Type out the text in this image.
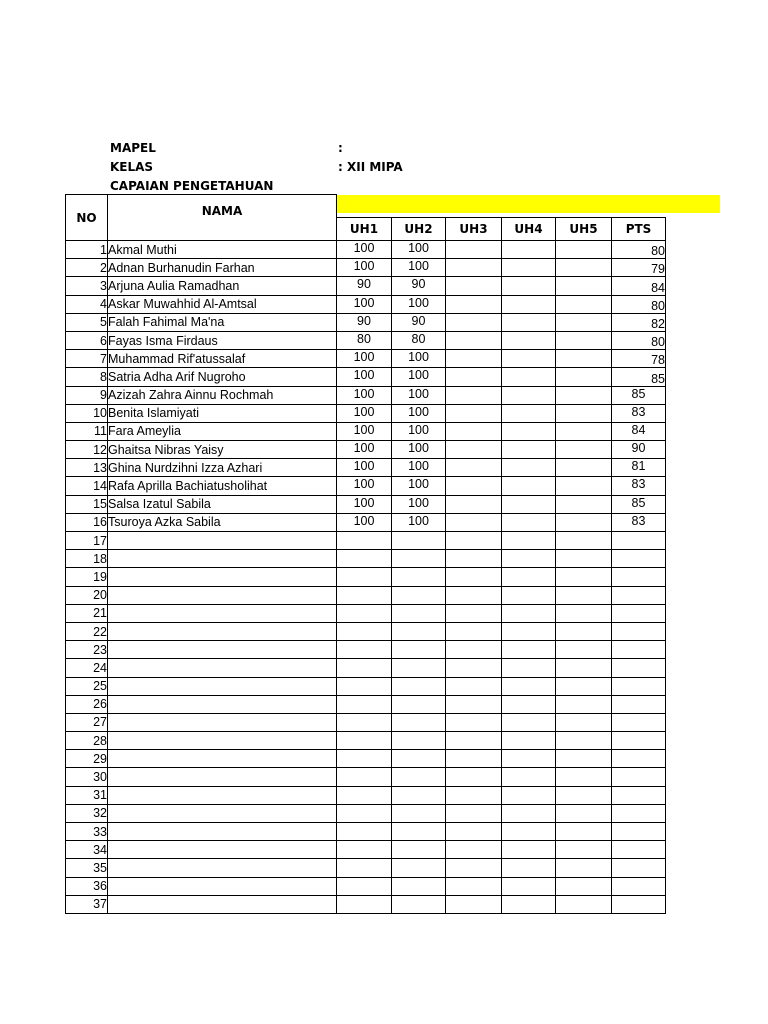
MAPEL	:
KELAS	: XII MIPA
CAPAIAN PENGETAHUAN
NO	NAMA						
		UH1	UH2	UH3	UH4	UH5	PTS
1	Akmal Muthi	100	100				80
2	Adnan Burhanudin Farhan	100	100				79
3	Arjuna Aulia Ramadhan	90	90				84
4	Askar Muwahhid Al-Amtsal	100	100				80
5	Falah Fahimal Ma'na	90	90				82
6	Fayas Isma Firdaus	80	80				80
7	Muhammad Rif'atussalaf	100	100				78
8	Satria Adha Arif Nugroho	100	100				85
9	Azizah Zahra Ainnu Rochmah	100	100				85
10	Benita Islamiyati	100	100				83
11	Fara Ameylia	100	100				84
12	Ghaitsa Nibras Yaisy	100	100				90
13	Ghina Nurdzihni Izza Azhari	100	100				81
14	Rafa Aprilla Bachiatusholihat	100	100				83
15	Salsa Izatul Sabila	100	100				85
16	Tsuroya Azka Sabila	100	100				83
17							
18							
19							
20							
21							
22							
23							
24							
25							
26							
27							
28							
29							
30							
31							
32							
33							
34							
35							
36							
37							
